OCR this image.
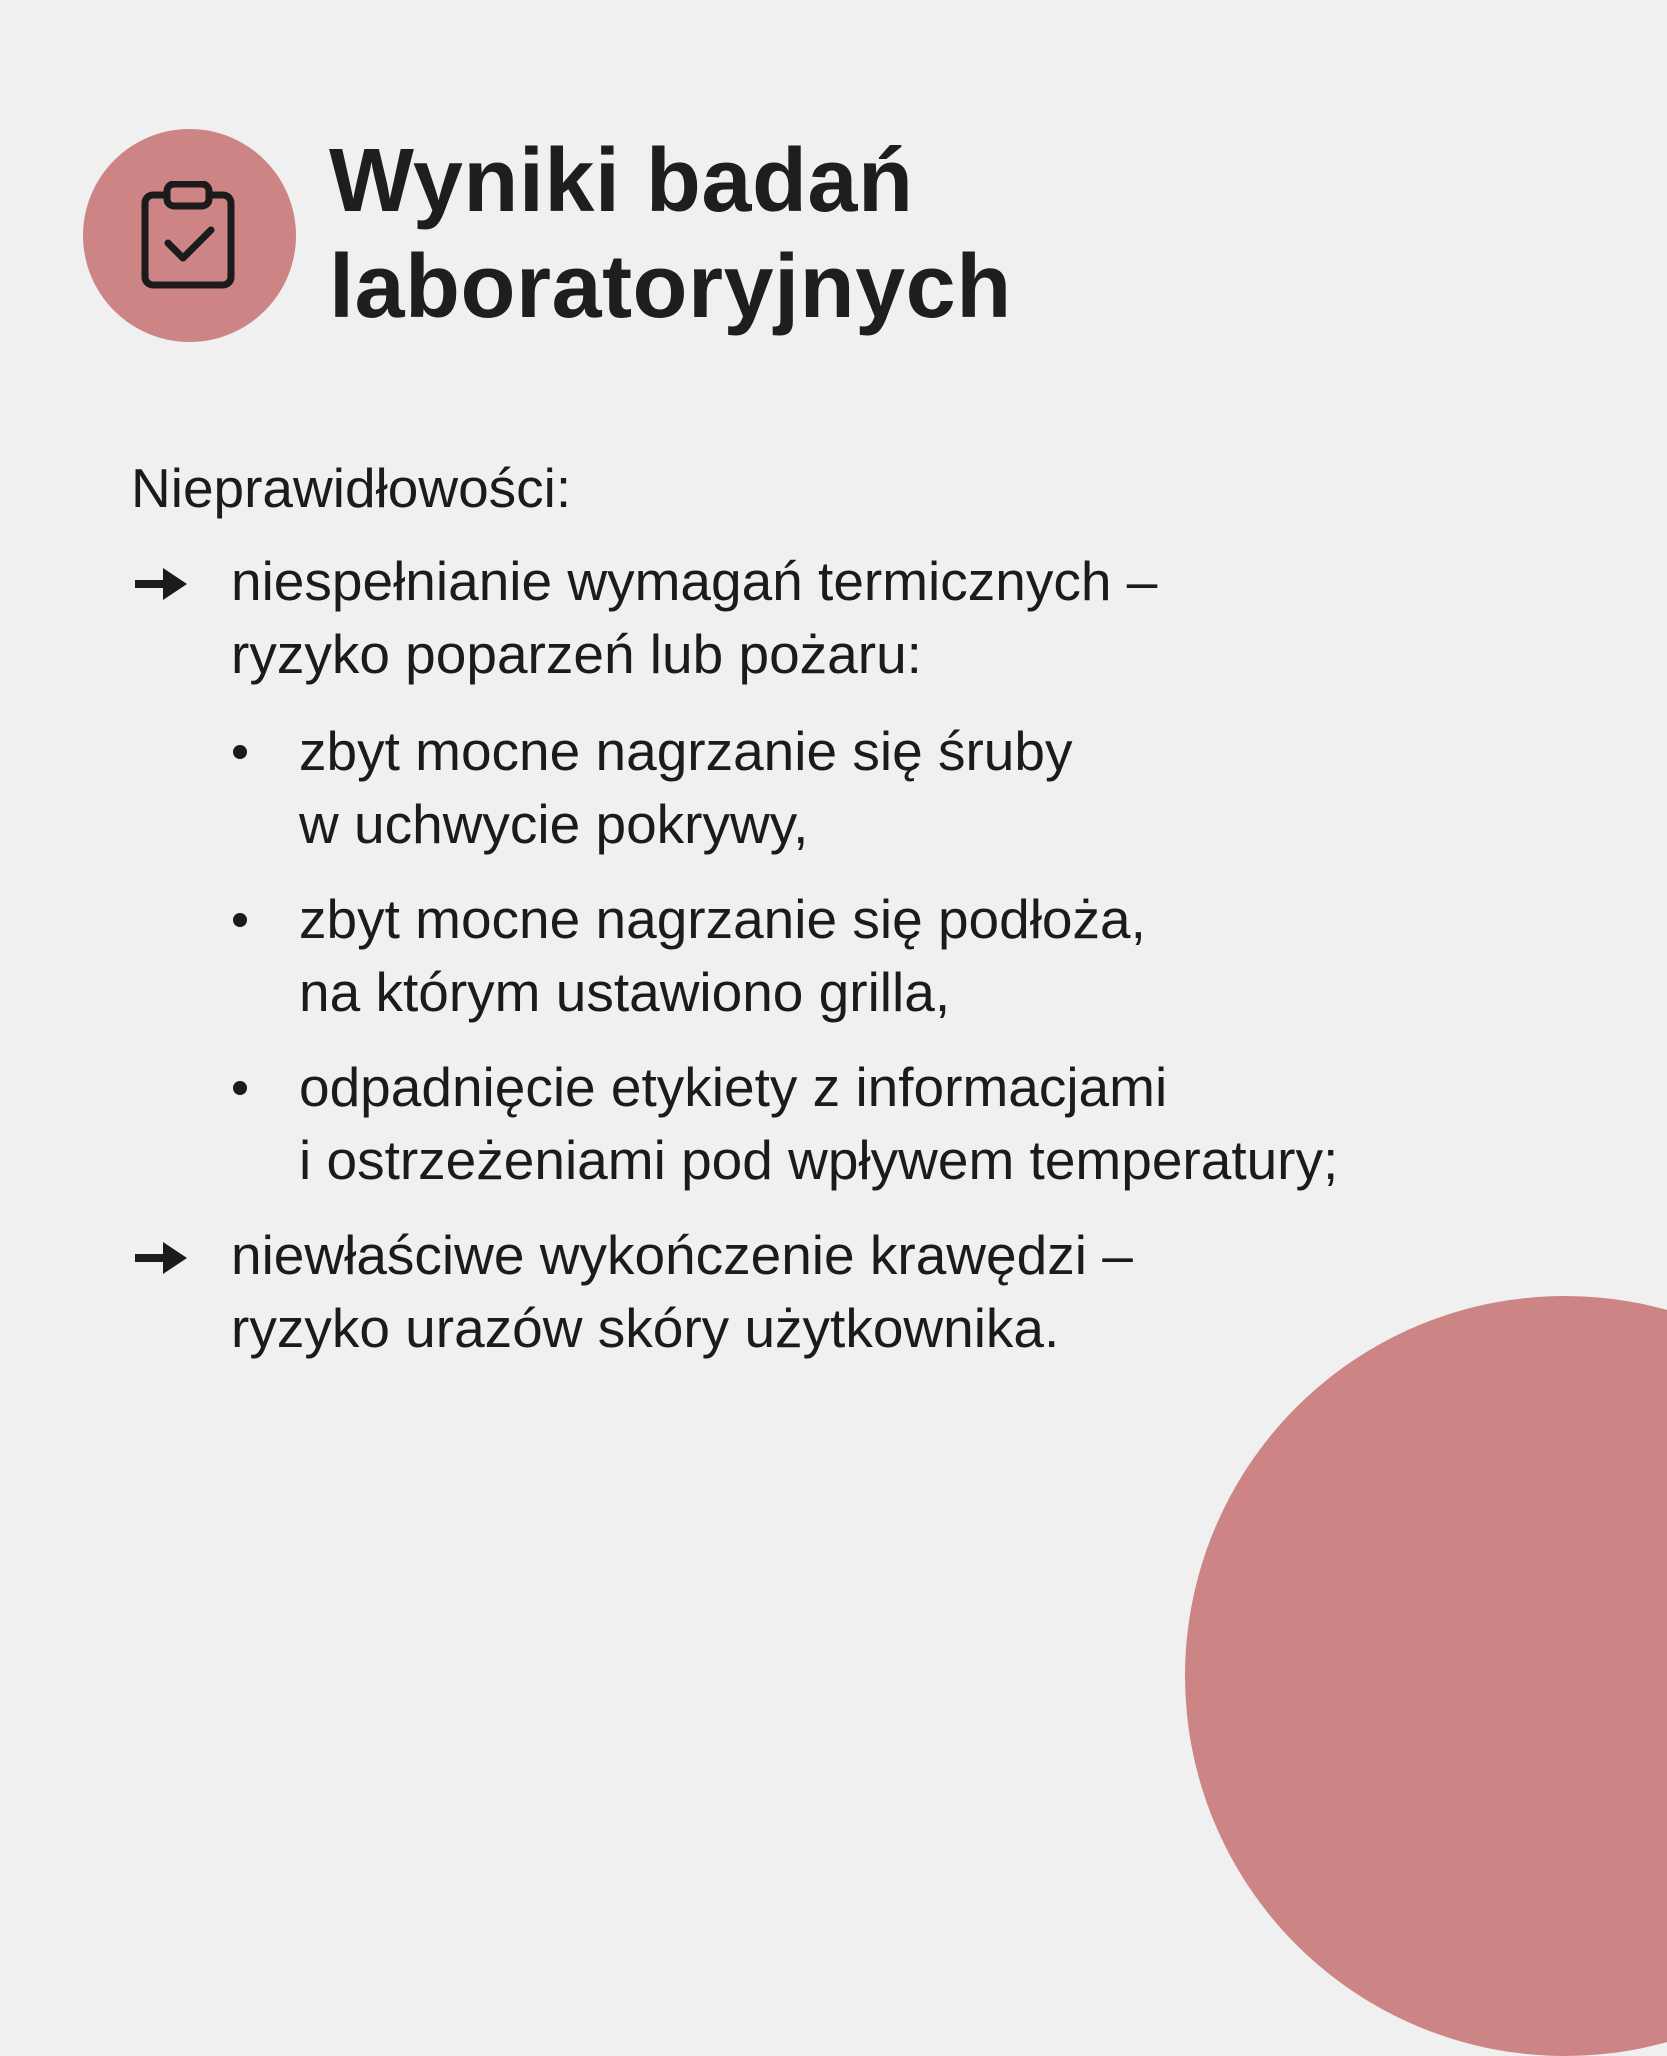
Wyniki badań
laboratoryjnych

Nieprawidłowości:

niespełnianie wymagań termicznych –
ryzyko poparzeń lub pożaru:
zbyt mocne nagrzanie się śruby
w uchwycie pokrywy,
zbyt mocne nagrzanie się podłoża,
na którym ustawiono grilla,
odpadnięcie etykiety z informacjami
i ostrzeżeniami pod wpływem temperatury;
niewłaściwe wykończenie krawędzi –
ryzyko urazów skóry użytkownika.
